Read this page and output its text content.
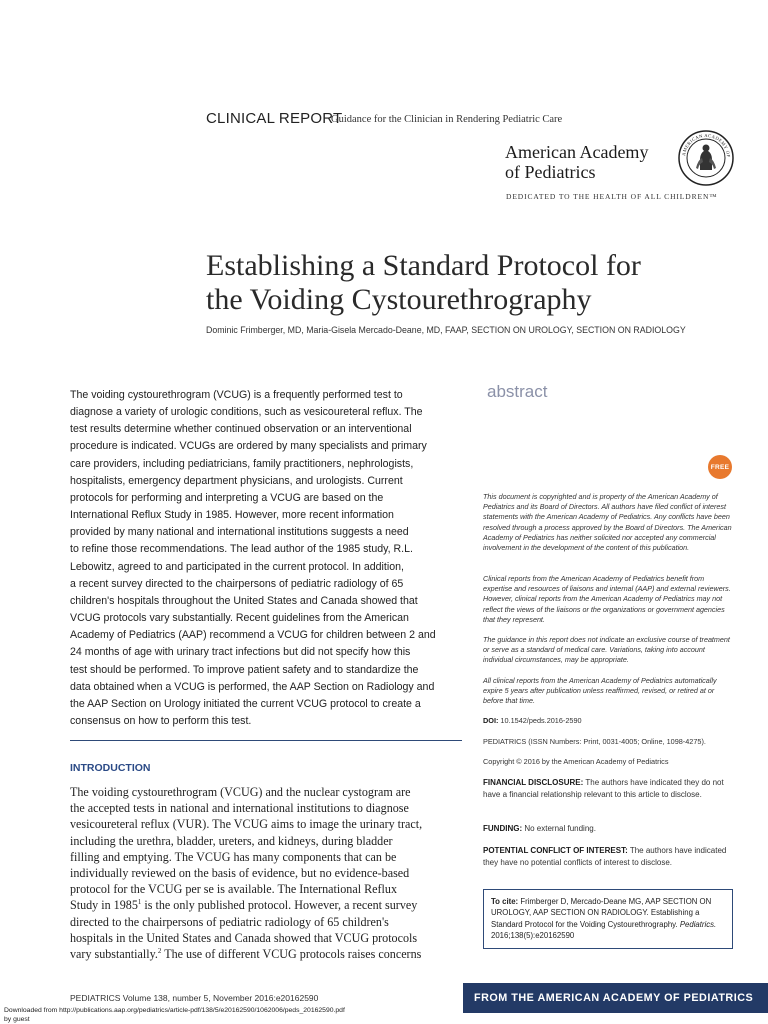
CLINICAL REPORT
Guidance for the Clinician in Rendering Pediatric Care
American Academy
of Pediatrics
DEDICATED TO THE HEALTH OF ALL CHILDREN™
AMERICAN ACADEMY OF
Establishing a Standard Protocol for
the Voiding Cystourethrography
Dominic Frimberger, MD, Maria-Gisela Mercado-Deane, MD, FAAP, SECTION ON UROLOGY, SECTION ON RADIOLOGY
The voiding cystourethrogram (VCUG) is a frequently performed test to
diagnose a variety of urologic conditions, such as vesicoureteral reflux. The
test results determine whether continued observation or an interventional
procedure is indicated. VCUGs are ordered by many specialists and primary
care providers, including pediatricians, family practitioners, nephrologists,
hospitalists, emergency department physicians, and urologists. Current
protocols for performing and interpreting a VCUG are based on the
International Reflux Study in 1985. However, more recent information
provided by many national and international institutions suggests a need
to refine those recommendations. The lead author of the 1985 study, R.L.
Lebowitz, agreed to and participated in the current protocol. In addition,
a recent survey directed to the chairpersons of pediatric radiology of 65
children's hospitals throughout the United States and Canada showed that
VCUG protocols vary substantially. Recent guidelines from the American
Academy of Pediatrics (AAP) recommend a VCUG for children between 2 and
24 months of age with urinary tract infections but did not specify how this
test should be performed. To improve patient safety and to standardize the
data obtained when a VCUG is performed, the AAP Section on Radiology and
the AAP Section on Urology initiated the current VCUG protocol to create a
consensus on how to perform this test.
abstract
FREE
INTRODUCTION
The voiding cystourethrogram (VCUG) and the nuclear cystogram are
the accepted tests in national and international institutions to diagnose
vesicoureteral reflux (VUR). The VCUG aims to image the urinary tract,
including the urethra, bladder, ureters, and kidneys, during bladder
filling and emptying. The VCUG has many components that can be
individually reviewed on the basis of evidence, but no evidence-based
protocol for the VCUG per se is available. The International Reflux
Study in 1985$^1$ is the only published protocol. However, a recent survey
directed to the chairpersons of pediatric radiology of 65 children's
hospitals in the United States and Canada showed that VCUG protocols
vary substantially.$^2$ The use of different VCUG protocols raises concerns
This document is copyrighted and is property of the American Academy of Pediatrics and its Board of Directors. All authors have filed conflict of interest statements with the American Academy of Pediatrics. Any conflicts have been resolved through a process approved by the Board of Directors. The American Academy of Pediatrics has neither solicited nor accepted any commercial involvement in the development of the content of this publication.
Clinical reports from the American Academy of Pediatrics benefit from expertise and resources of liaisons and internal (AAP) and external reviewers. However, clinical reports from the American Academy of Pediatrics may not reflect the views of the liaisons or the organizations or government agencies that they represent.
The guidance in this report does not indicate an exclusive course of treatment or serve as a standard of medical care. Variations, taking into account individual circumstances, may be appropriate.
All clinical reports from the American Academy of Pediatrics automatically expire 5 years after publication unless reaffirmed, revised, or retired at or before that time.
DOI: 10.1542/peds.2016-2590
PEDIATRICS (ISSN Numbers: Print, 0031-4005; Online, 1098-4275).
Copyright © 2016 by the American Academy of Pediatrics
FINANCIAL DISCLOSURE: The authors have indicated they do not have a financial relationship relevant to this article to disclose.
FUNDING: No external funding.
POTENTIAL CONFLICT OF INTEREST: The authors have indicated they have no potential conflicts of interest to disclose.
To cite: Frimberger D, Mercado-Deane MG, AAP SECTION ON UROLOGY, AAP SECTION ON RADIOLOGY. Establishing a Standard Protocol for the Voiding Cystourethrography. Pediatrics. 2016;138(5):e20162590
PEDIATRICS Volume 138, number 5, November 2016:e20162590	FROM THE AMERICAN ACADEMY OF PEDIATRICS
Downloaded from http://publications.aap.org/pediatrics/article-pdf/138/5/e20162590/1062006/peds_20162590.pdf
by guest
